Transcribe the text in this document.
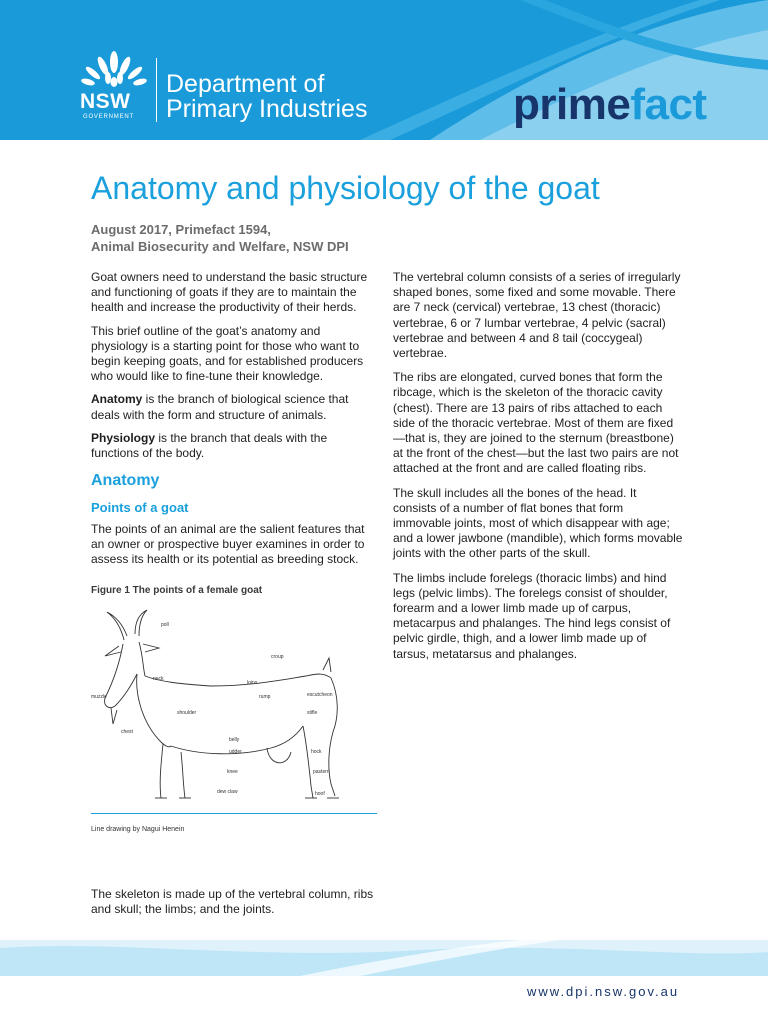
NSW
GOVERNMENT
Department of
Primary Industries	primefact
Anatomy and physiology of the goat
August 2017, Primefact 1594,
Animal Biosecurity and Welfare, NSW DPI

Goat owners need to understand the basic structure and functioning of goats if they are to maintain the health and increase the productivity of their herds.

This brief outline of the goat’s anatomy and physiology is a starting point for those who want to begin keeping goats, and for established producers who would like to fine-tune their knowledge.

Anatomy is the branch of biological science that deals with the form and structure of animals.

Physiology is the branch that deals with the functions of the body.

Anatomy
Points of a goat

The points of an animal are the salient features that an owner or prospective buyer examines in order to assess its health or its potential as breeding stock.

Figure 1 The points of a female goat
poll
croup
neck
loins
muzzle	rump	escutcheon
shoulder	stifle
chest
belly
udder	hock
knee	pastern
dew claw	hoof
Line drawing by Nagui Henein
The skeleton is made up of the vertebral column, ribs and skull; the limbs; and the joints.

The vertebral column consists of a series of irregularly shaped bones, some fixed and some movable. There are 7 neck (cervical) vertebrae, 13 chest (thoracic) vertebrae, 6 or 7 lumbar vertebrae, 4 pelvic (sacral) vertebrae and between 4 and 8 tail (coccygeal) vertebrae.

The ribs are elongated, curved bones that form the ribcage, which is the skeleton of the thoracic cavity (chest). There are 13 pairs of ribs attached to each side of the thoracic vertebrae. Most of them are fixed—that is, they are joined to the sternum (breastbone) at the front of the chest—but the last two pairs are not attached at the front and are called floating ribs.

The skull includes all the bones of the head. It consists of a number of flat bones that form immovable joints, most of which disappear with age; and a lower jawbone (mandible), which forms movable joints with the other parts of the skull.

The limbs include forelegs (thoracic limbs) and hind legs (pelvic limbs). The forelegs consist of shoulder, forearm and a lower limb made up of carpus, metacarpus and phalanges. The hind legs consist of pelvic girdle, thigh, and a lower limb made up of tarsus, metatarsus and phalanges.

www.dpi.nsw.gov.au
